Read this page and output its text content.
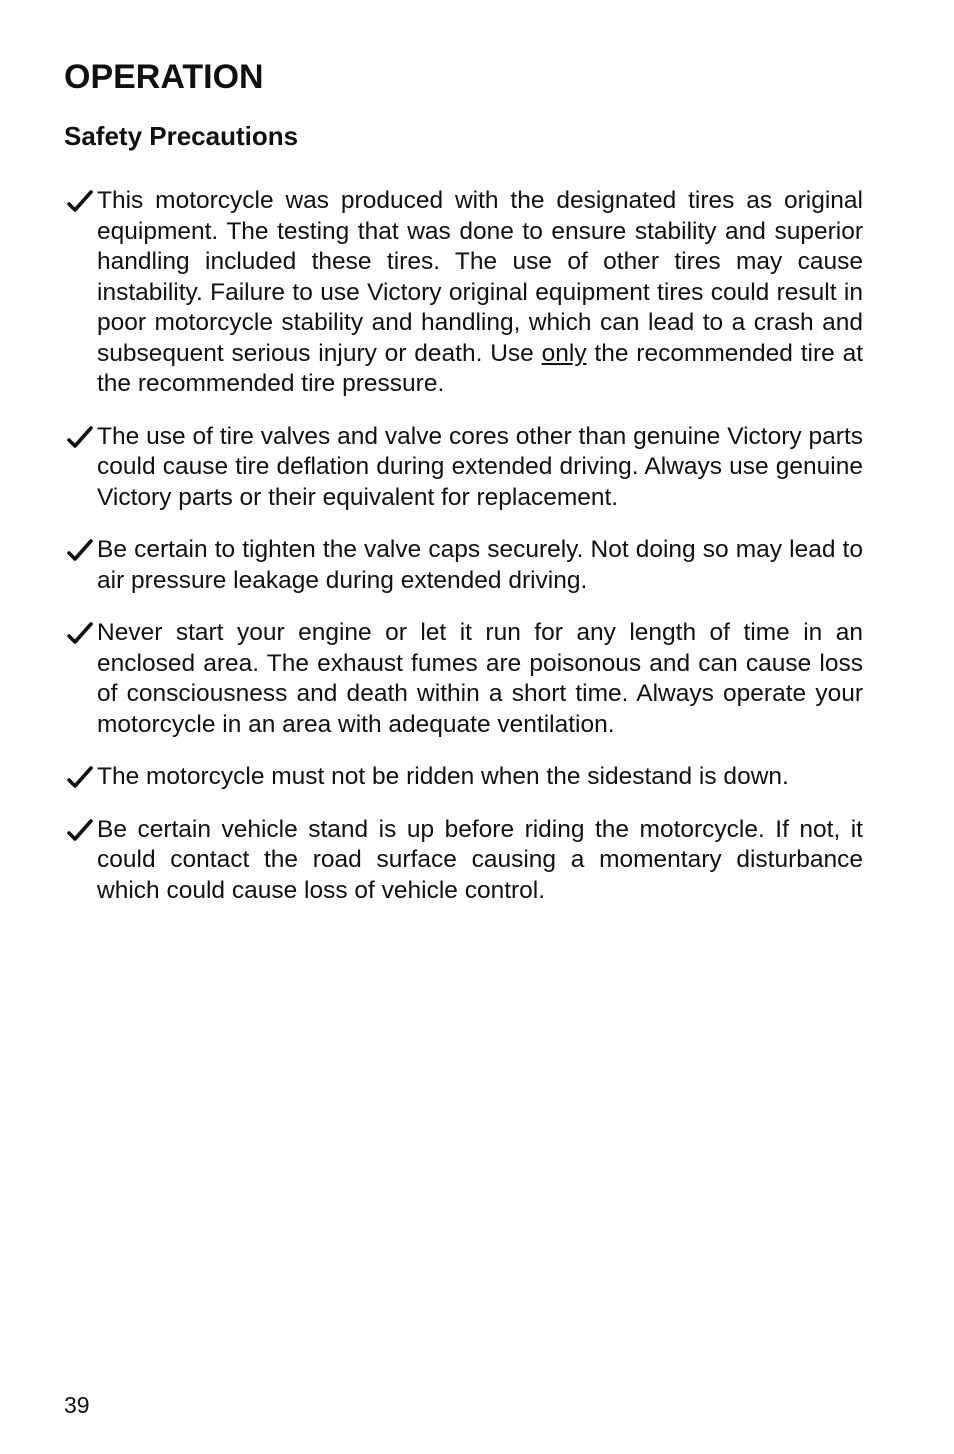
OPERATION
Safety Precautions
This motorcycle was produced with the designated tires as original equipment. The testing that was done to ensure stability and superior handling included these tires. The use of other tires may cause instability. Failure to use Victory original equipment tires could result in poor motorcycle stability and handling, which can lead to a crash and subsequent serious injury or death. Use only the recommended tire at the recommended tire pressure.
The use of tire valves and valve cores other than genuine Victory parts could cause tire deflation during extended driving. Always use genuine Victory parts or their equivalent for replacement.
Be certain to tighten the valve caps securely. Not doing so may lead to air pressure leakage during extended driving.
Never start your engine or let it run for any length of time in an enclosed area. The exhaust fumes are poisonous and can cause loss of consciousness and death within a short time. Always operate your motorcycle in an area with adequate ventilation.
The motorcycle must not be ridden when the sidestand is down.
Be certain vehicle stand is up before riding the motorcycle. If not, it could contact the road surface causing a momentary disturbance which could cause loss of vehicle control.
39
